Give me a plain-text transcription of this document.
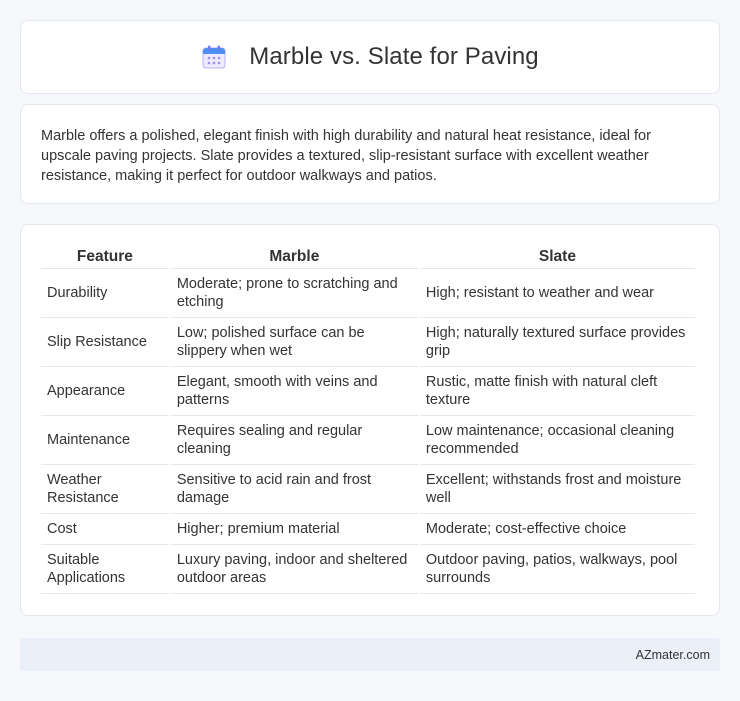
Marble vs. Slate for Paving

Marble offers a polished, elegant finish with high durability and natural heat resistance, ideal for upscale paving projects. Slate provides a textured, slip-resistant surface with excellent weather resistance, making it perfect for outdoor walkways and patios.

Feature	Marble	Slate
Durability	Moderate; prone to scratching and etching	High; resistant to weather and wear
Slip Resistance	Low; polished surface can be slippery when wet	High; naturally textured surface provides grip
Appearance	Elegant, smooth with veins and patterns	Rustic, matte finish with natural cleft texture
Maintenance	Requires sealing and regular cleaning	Low maintenance; occasional cleaning recommended
Weather Resistance	Sensitive to acid rain and frost damage	Excellent; withstands frost and moisture well
Cost	Higher; premium material	Moderate; cost-effective choice
Suitable Applications	Luxury paving, indoor and sheltered outdoor areas	Outdoor paving, patios, walkways, pool surrounds
AZmater.com
